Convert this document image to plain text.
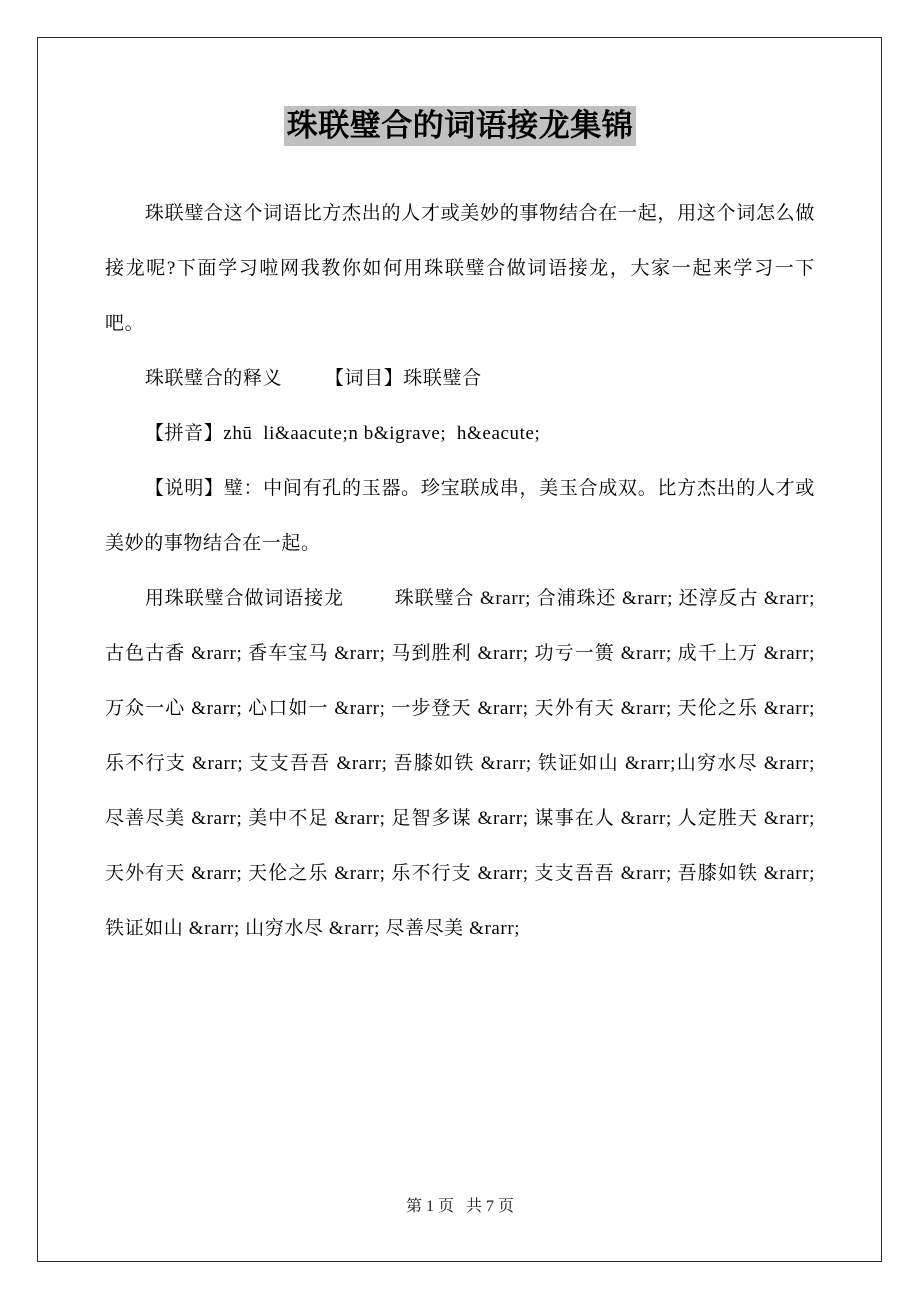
珠联璧合的词语接龙集锦

珠联璧合这个词语比方杰出的人才或美妙的事物结合在一起，用这个词怎么做接龙呢?下面学习啦网我教你如何用珠联璧合做词语接龙，大家一起来学习一下吧。

珠联璧合的释义        【词目】珠联璧合

【拼音】zhū  li&aacute;n b&igrave;  h&eacute;

【说明】璧：中间有孔的玉器。珍宝联成串，美玉合成双。比方杰出的人才或美妙的事物结合在一起。

用珠联璧合做词语接龙         珠联璧合 &rarr; 合浦珠还 &rarr; 还淳反古 &rarr; 古色古香 &rarr; 香车宝马 &rarr; 马到胜利 &rarr; 功亏一篑 &rarr; 成千上万 &rarr; 万众一心 &rarr; 心口如一 &rarr; 一步登天 &rarr; 天外有天 &rarr; 天伦之乐 &rarr; 乐不行支 &rarr; 支支吾吾 &rarr; 吾膝如铁 &rarr; 铁证如山 &rarr;山穷水尽 &rarr; 尽善尽美 &rarr; 美中不足 &rarr; 足智多谋 &rarr; 谋事在人 &rarr; 人定胜天 &rarr; 天外有天 &rarr; 天伦之乐 &rarr; 乐不行支 &rarr; 支支吾吾 &rarr; 吾膝如铁 &rarr; 铁证如山 &rarr; 山穷水尽 &rarr; 尽善尽美 &rarr;

第 1 页   共 7 页
